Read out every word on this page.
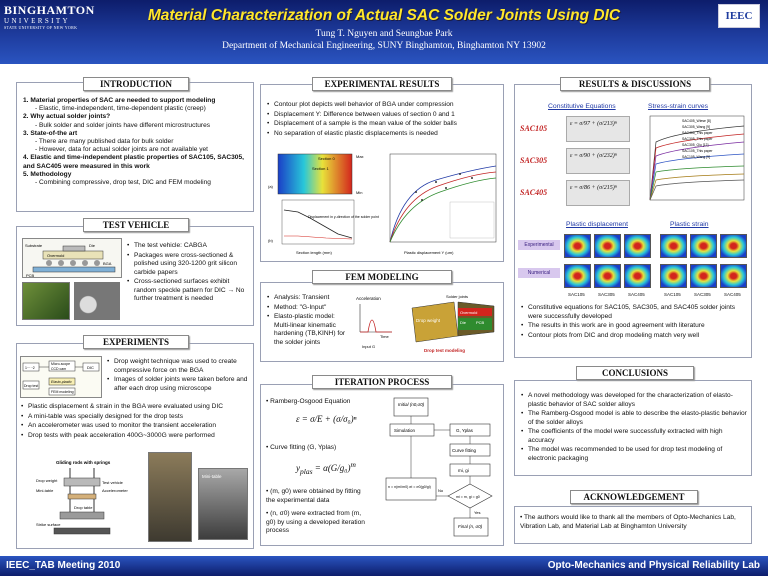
BINGHAMTON
UNIVERSITY
STATE UNIVERSITY OF NEW YORK
IEEC
Material Characterization of Actual SAC Solder Joints Using DIC
Tung T. Nguyen and Seungbae Park
Department of Mechanical Engineering, SUNY Binghamton, Binghamton NY 13902
1. Material properties of SAC are needed to support modeling
- Elastic, time-independent, time-dependent plastic (creep)
2. Why actual solder joints?
- Bulk solder and solder joints have different microstructures
3. State-of-the art
- There are many published data for bulk solder
- However, data for actual solder joints are not available yet
4. Elastic and time-independent plastic properties of SAC105, SAC305, and SAC405 were measured in this work
5. Methodology
- Combining compressive, drop test, DIC and FEM modeling
INTRODUCTION
TEST VEHICLE
Substrate	Die
Overmold
PCB
BGA
• The test vehicle: CABGA
• Packages were cross-sectioned & polished using 320-1200 grit silicon carbide papers
• Cross-sectioned surfaces exhibit random speckle pattern for DIC → No further treatment is needed
EXPERIMENTS
1·····2
Micro-scope
CCD cam	DIC
Drop test
Elasto-plastic
FEM modeling
• Drop weight technique was used to create compressive force on the BGA
• Images of solder joints were taken before and after each drop using microscope
• Plastic displacement & strain in the BGA were evaluated using DIC
• A mini-table was specially designed for the drop tests
• An accelerometer was used to monitor the transient acceleration
• Drop tests with peak acceleration 400G~3000G were performed
Gliding rods with springs
Drop weight
Mini-table
Test vehicle
Accelerometer
Drop table
Strike surface
Mini-table
EXPERIMENTAL RESULTS
• Contour plot depicts well behavior of BGA under compression
• Displacement Y: Difference between values of section 0 and 1
• Displacement of a sample is the mean value of the solder balls
• No separation of elastic plastic displacements is needed
(a)
(b)
Section 0
Section 1
Max
Min
Displacement in y-direction of the solder point
Section length (mm)	Plastic displacement Y (um)
FEM MODELING
• Analysis: Transient
• Method: "G-Input"
• Elasto-plastic model: Multi-linear kinematic hardening (TB,KINH) for the solder joints
Acceleration
Time
Input G
Solder joints
Drop weight
Overmold
Die PCB
Drop test modeling
ITERATION PROCESS
• Ramberg-Osgood Equation
ε = σ/E + (σ/σ₀)ⁿ
• Curve fitting (G, Yplas)
$y_{plas} = \alpha(G/g_0)^m$
• (m, g0) were obtained by fitting the experimental data
• (n, σ0) were extracted from (m, g0) by using a developed iteration process
Initial (n0,σ0)
Simulation	G, Yplas
Curve fitting
mi, gi
n = n(mi/m0) σi = σ0(g0/gi)
mi = m, gi = g0
No
Yes
Final (n, σ0)
RESULTS & DISCUSSIONS
Constitutive Equations	Stress-strain curves
SAC105	ε = σ/97 + (σ/213)ⁿ
SAC305	ε = σ/90 + (σ/232)ⁿ
SAC405	ε = σ/86 + (σ/215)ⁿ
SAC405_Wiese [8]
SAC305_Wang [9]
SAC405_This paper
SAC305_This paper
SAC305_Qiu [12]
SAC105_This paper
SAC105_Wang [9]
Plastic displacement	Plastic strain
Experimental
Numerical
SAC105	SAC305	SAC405	SAC105	SAC305	SAC405
• Constitutive equations for SAC105, SAC305, and SAC405 solder joints were successfully developed
• The results in this work are in good agreement with literature
• Contour plots from DIC and drop modeling match very well
CONCLUSIONS
• A novel methodology was developed for the characterization of elasto-plastic behavior of SAC solder alloys
• The Ramberg-Osgood model is able to describe the elasto-plastic behavior of the solder alloys
• The coefficients of the model were successfully extracted with high accuracy
• The model was recommended to be used for drop test modeling of electronic packaging
ACKNOWLEDGEMENT
• The authors would like to thank all the members of Opto-Mechanics Lab, Vibration Lab, and Material Lab at Binghamton University
IEEC_TAB Meeting 2010	Opto-Mechanics and Physical Reliability Lab
